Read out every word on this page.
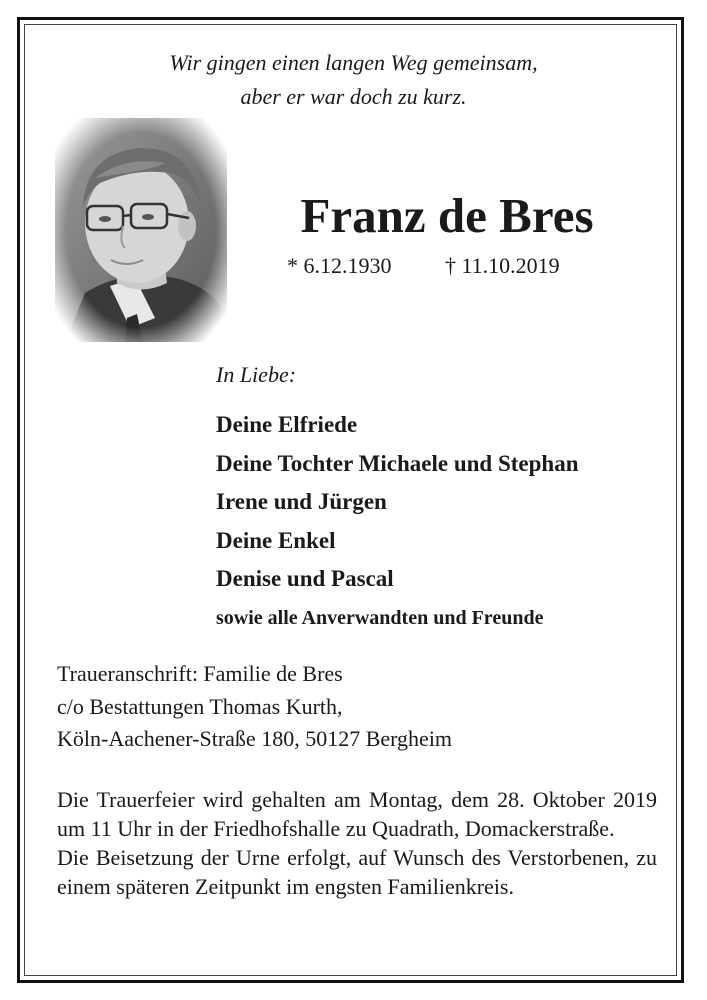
Wir gingen einen langen Weg gemeinsam,
aber er war doch zu kurz.
Franz de Bres
* 6.12.1930 † 11.10.2019
In Liebe:
Deine Elfriede
Deine Tochter Michaele und Stephan
Irene und Jürgen
Deine Enkel
Denise und Pascal
sowie alle Anverwandten und Freunde
Traueranschrift: Familie de Bres
c/o Bestattungen Thomas Kurth,
Köln-Aachener-Straße 180, 50127 Bergheim

Die Trauerfeier wird gehalten am Montag, dem 28. Oktober 2019 um 11 Uhr in der Friedhofshalle zu Quadrath, Domackerstraße.

Die Beisetzung der Urne erfolgt, auf Wunsch des Verstorbenen, zu einem späteren Zeitpunkt im engsten Familienkreis.
